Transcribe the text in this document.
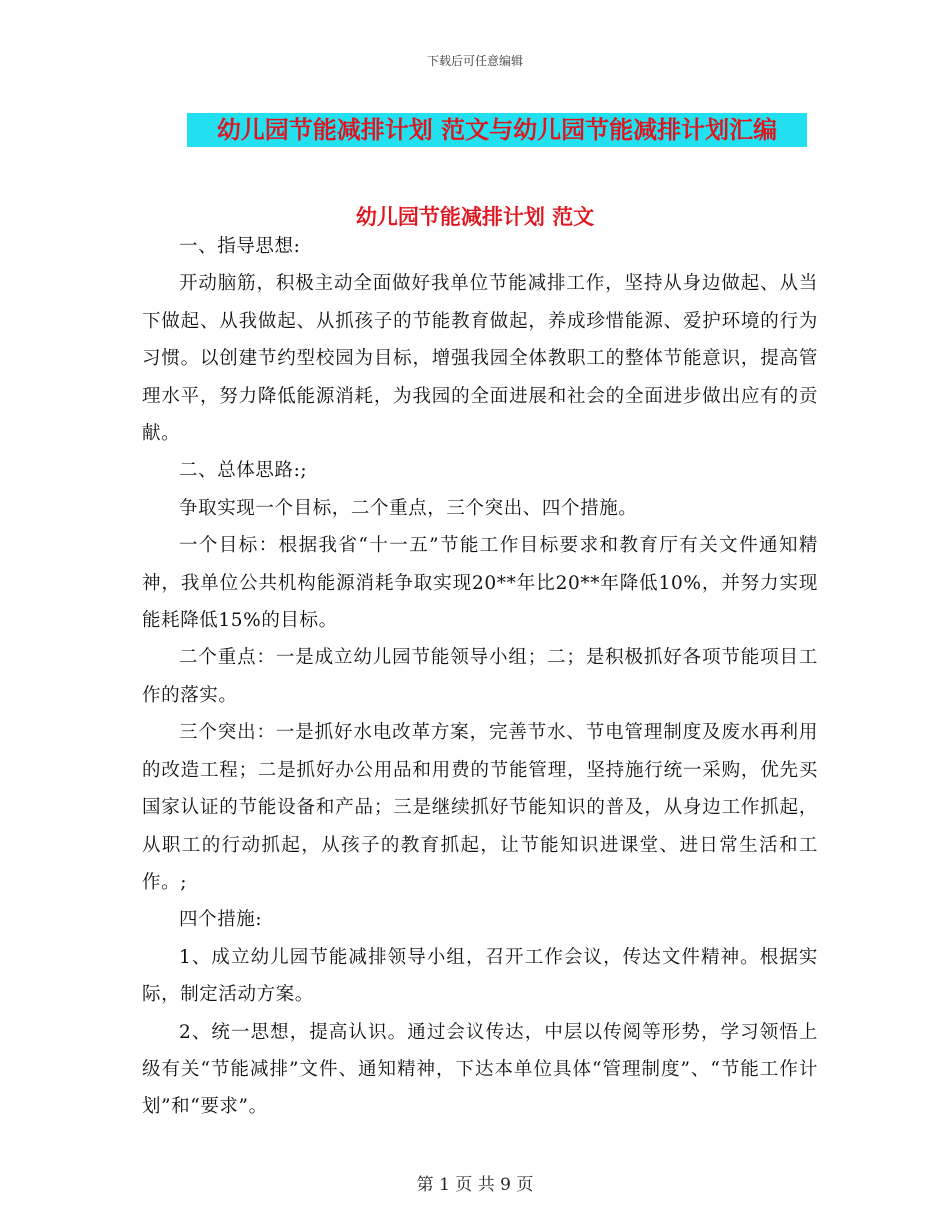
下载后可任意编辑
幼儿园节能减排计划 范文与幼儿园节能减排计划汇编
幼儿园节能减排计划 范文

一、指导思想:

开动脑筋，积极主动全面做好我单位节能减排工作，坚持从身边做起、从当下做起、从我做起、从抓孩子的节能教育做起，养成珍惜能源、爱护环境的行为习惯。以创建节约型校园为目标，增强我园全体教职工的整体节能意识，提高管理水平，努力降低能源消耗，为我园的全面进展和社会的全面进步做出应有的贡献。

二、总体思路:;

争取实现一个目标，二个重点，三个突出、四个措施。

一个目标：根据我省“十一五”节能工作目标要求和教育厅有关文件通知精神，我单位公共机构能源消耗争取实现20**年比20**年降低10%，并努力实现能耗降低15%的目标。

二个重点：一是成立幼儿园节能领导小组；二；是积极抓好各项节能项目工作的落实。

三个突出：一是抓好水电改革方案，完善节水、节电管理制度及废水再利用的改造工程；二是抓好办公用品和用费的节能管理，坚持施行统一采购，优先买国家认证的节能设备和产品；三是继续抓好节能知识的普及，从身边工作抓起，从职工的行动抓起，从孩子的教育抓起，让节能知识进课堂、进日常生活和工作。;

四个措施:

1、成立幼儿园节能减排领导小组，召开工作会议，传达文件精神。根据实际，制定活动方案。

2、统一思想，提高认识。通过会议传达，中层以传阅等形势，学习领悟上级有关“节能减排”文件、通知精神，下达本单位具体“管理制度”、“节能工作计划”和“要求”。

第 1 页 共 9 页
